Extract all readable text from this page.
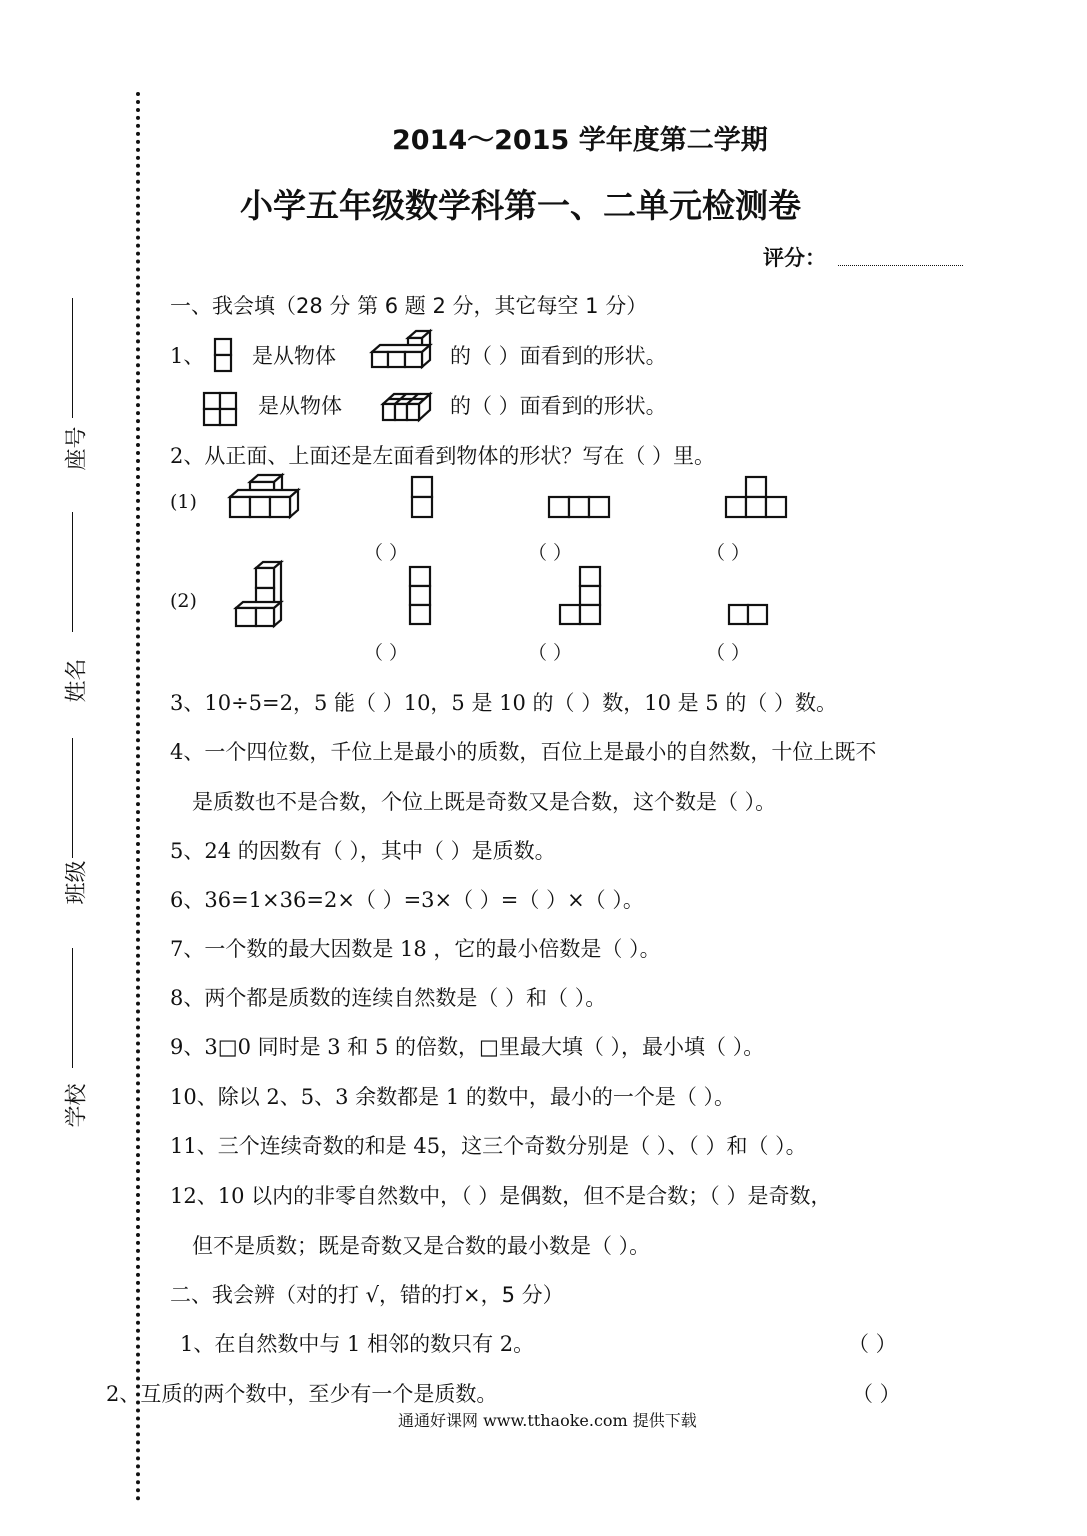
座号
姓名
班级
学校
2014～2015 学年度第二学期
小学五年级数学科第一、二单元检测卷
评分：
一、我会填（28 分 第 6 题 2 分，其它每空 1 分）
1、 是从物体	的（ ）面看到的形状。
是从物体	的（ ）面看到的形状。
2、从正面、上面还是左面看到物体的形状？写在（ ）里。
(1)
（ ）	（ ）	（ ）
(2)
（ ）	（ ）	（ ）
3、10÷5=2，5 能（ ）10，5 是 10 的（ ）数，10 是 5 的（ ）数。
4、一个四位数，千位上是最小的质数，百位上是最小的自然数，十位上既不
是质数也不是合数，个位上既是奇数又是合数，这个数是（ ）。
5、24 的因数有（ ），其中（ ）是质数。
6、36=1×36=2×（ ）=3×（ ）=（ ）×（ ）。
7、一个数的最大因数是 18 ，它的最小倍数是（ ）。
8、两个都是质数的连续自然数是（ ）和（ ）。
9、3□0 同时是 3 和 5 的倍数，□里最大填（ ），最小填（ ）。
10、除以 2、5、3 余数都是 1 的数中，最小的一个是（ ）。
11、三个连续奇数的和是 45，这三个奇数分别是（ ）、（ ）和（ ）。
12、10 以内的非零自然数中，（ ）是偶数，但不是合数；（ ）是奇数，
但不是质数；既是奇数又是合数的最小数是（ ）。
二、我会辨（对的打 √，错的打×，5 分）
1、在自然数中与 1 相邻的数只有 2。	（ ）
2、互质的两个数中，至少有一个是质数。	（ ）
通通好课网 www.tthaoke.com 提供下载
